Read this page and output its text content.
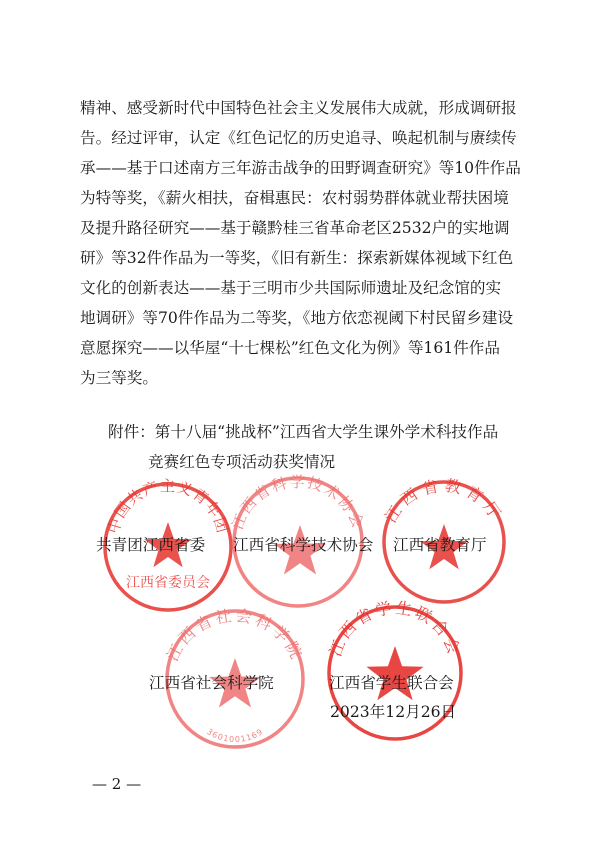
精神、感受新时代中国特色社会主义发展伟大成就，形成调研报
告。经过评审，认定《红色记忆的历史追寻、唤起机制与赓续传
承——基于口述南方三年游击战争的田野调查研究》等10件作品
为特等奖，《薪火相扶，奋楫惠民：农村弱势群体就业帮扶困境
及提升路径研究——基于赣黔桂三省革命老区2532户的实地调
研》等32件作品为一等奖，《旧有新生：探索新媒体视域下红色
文化的创新表达——基于三明市少共国际师遗址及纪念馆的实
地调研》等70件作品为二等奖，《地方依恋视阈下村民留乡建设
意愿探究——以华屋“十七棵松”红色文化为例》等161件作品
为三等奖。
附件：第十八届“挑战杯”江西省大学生课外学术科技作品
竞赛红色专项活动获奖情况
中国共产主义青年团
江西省委员会
江西省科学技术协会 江西省教育厅
江西省社会科学院
3601001169
江西省学生联合会
共青团江西省委 江西省科学技术协会 江西省教育厅
江西省社会科学院	江西省学生联合会
2023年12月26日
— 2 —
